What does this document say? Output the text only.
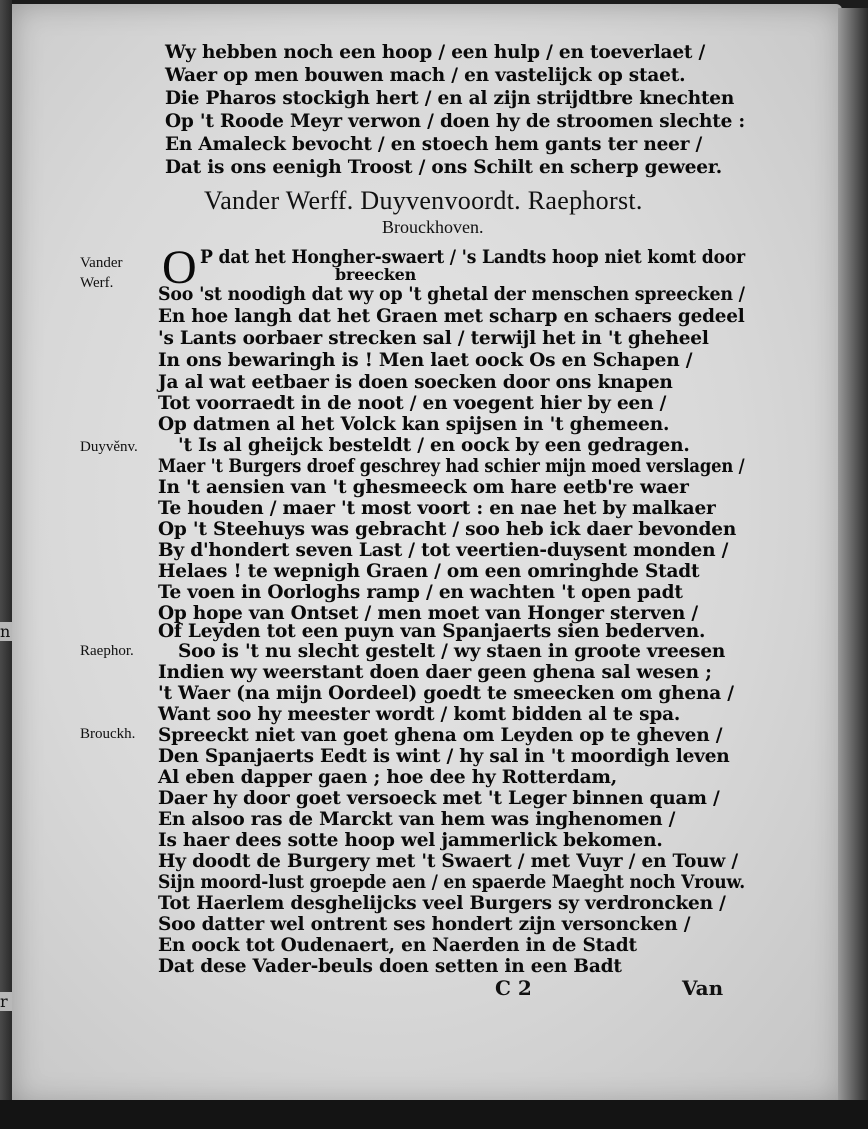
n
r
Wy hebben noch een hoop / een hulp / en toeverlaet /
Waer op men bouwen mach / en vastelijck op staet.
Die Pharos stockigh hert / en al zijn strijdtbre knechten
Op 't Roode Meyr verwon / doen hy de stroomen slechte :
En Amaleck bevocht / en stoech hem gants ter neer /
Dat is ons eenigh Troost / ons Schilt en scherp geweer.
Vander Werff. Duyvenvoordt. Raephorst.
Brouckhoven.
Vander
Werf.
Duyvěnv.
Raephor.
Brouckh.
O P dat het Hongher-swaert / 's Landts hoop niet komt door
breecken
Soo 'st noodigh dat wy op 't ghetal der menschen spreecken /
En hoe langh dat het Graen met scharp en schaers gedeel
's Lants oorbaer strecken sal / terwijl het in 't gheheel
In ons bewaringh is ! Men laet oock Os en Schapen /
Ja al wat eetbaer is doen soecken door ons knapen
Tot voorraedt in de noot / en voegent hier by een /
Op datmen al het Volck kan spijsen in 't ghemeen.
't Is al gheijck besteldt / en oock by een gedragen.
Maer 't Burgers droef geschrey had schier mijn moed verslagen /
In 't aensien van 't ghesmeeck om hare eetb're waer
Te houden / maer 't most voort : en nae het by malkaer
Op 't Steehuys was gebracht / soo heb ick daer bevonden
By d'hondert seven Last / tot veertien-duysent monden /
Helaes ! te wepnigh Graen / om een omringhde Stadt
Te voen in Oorloghs ramp / en wachten 't open padt
Op hope van Ontset / men moet van Honger sterven /
Of Leyden tot een puyn van Spanjaerts sien bederven.
Soo is 't nu slecht gestelt / wy staen in groote vreesen
Indien wy weerstant doen daer geen ghena sal wesen ;
't Waer (na mijn Oordeel) goedt te smeecken om ghena /
Want soo hy meester wordt / komt bidden al te spa.
Spreeckt niet van goet ghena om Leyden op te gheven /
Den Spanjaerts Eedt is wint / hy sal in 't moordigh leven
Al eben dapper gaen ; hoe dee hy Rotterdam,
Daer hy door goet versoeck met 't Leger binnen quam /
En alsoo ras de Marckt van hem was inghenomen /
Is haer dees sotte hoop wel jammerlick bekomen.
Hy doodt de Burgery met 't Swaert / met Vuyr / en Touw /
Sijn moord-lust groepde aen / en spaerde Maeght noch Vrouw.
Tot Haerlem desghelijcks veel Burgers sy verdroncken /
Soo datter wel ontrent ses hondert zijn versoncken /
En oock tot Oudenaert, en Naerden in de Stadt
Dat dese Vader-beuls doen setten in een Badt
C 2	Van
